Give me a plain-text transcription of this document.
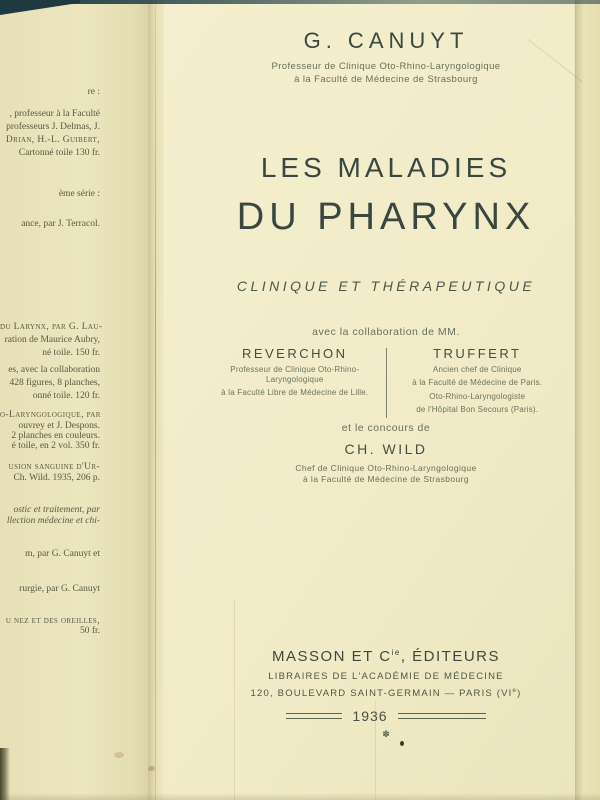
re :
, professeur à la Faculté
professeurs J. Delmas, J.
Drian, H.-L. Guibert,
Cartonné toile 130 fr.
ème série :
ance, par J. Terracol.
du Larynx, par G. Lau-
ration de Maurice Aubry,
né toile. 150 fr.
es, avec la collaboration
428 figures, 8 planches,
onné toile. 120 fr.
o-Laryngologique, par
ouvrey et J. Despons.
2 planches en couleurs.
é toile, en 2 vol. 350 fr.
usion sanguine d'Ur-
Ch. Wild. 1935, 206 p.
ostic et traitement, par
llection médecine et chi-
m, par G. Canuyt et
rurgie, par G. Canuyt
u nez et des oreilles,
50 fr.
G. CANUYT
Professeur de Clinique Oto-Rhino-Laryngologique
à la Faculté de Médecine de Strasbourg
LES MALADIES
DU PHARYNX
CLINIQUE ET THÉRAPEUTIQUE
avec la collaboration de MM.
REVERCHON
Professeur de Clinique Oto-Rhino-Laryngologique
à la Faculté Libre de Médecine de Lille.
TRUFFERT
Ancien chef de Clinique
à la Faculté de Médecine de Paris.
Oto-Rhino-Laryngologiste
de l'Hôpital Bon Secours (Paris).
et le concours de
CH. WILD
Chef de Clinique Oto-Rhino-Laryngologique
à la Faculté de Médecine de Strasbourg
MASSON ET $C^{ie}$, ÉDITEURS
LIBRAIRES DE L'ACADÉMIE DE MÉDECINE
120, BOULEVARD SAINT-GERMAIN — PARIS (VIe)
1936
✽
